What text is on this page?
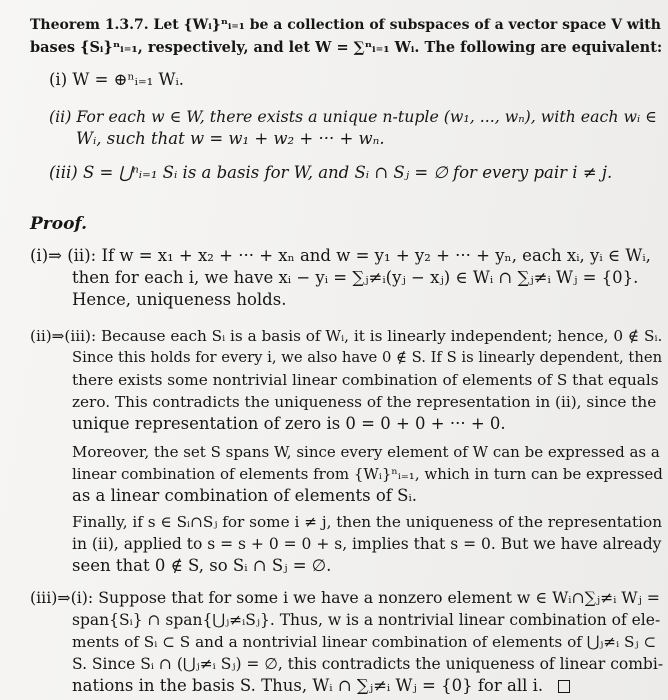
Theorem 1.3.7. Let {Wᵢ}ⁿᵢ₌₁ be a collection of subspaces of a vector space V with
bases {Sᵢ}ⁿᵢ₌₁, respectively, and let W = ∑ⁿᵢ₌₁ Wᵢ. The following are equivalent:
(i) W = ⊕ⁿᵢ₌₁ Wᵢ.
(ii) For each w ∈ W, there exists a unique n-tuple (w₁, ..., wₙ), with each wᵢ ∈
Wᵢ, such that w = w₁ + w₂ + ··· + wₙ.
(iii) S = ⋃ⁿᵢ₌₁ Sᵢ is a basis for W, and Sᵢ ∩ Sⱼ = ∅ for every pair i ≠ j.
Proof.
(i)⇒ (ii): If w = x₁ + x₂ + ··· + xₙ and w = y₁ + y₂ + ··· + yₙ, each xᵢ, yᵢ ∈ Wᵢ,
then for each i, we have xᵢ − yᵢ = ∑ⱼ≠ᵢ(yⱼ − xⱼ) ∈ Wᵢ ∩ ∑ⱼ≠ᵢ Wⱼ = {0}.
Hence, uniqueness holds.
(ii)⇒(iii): Because each Sᵢ is a basis of Wᵢ, it is linearly independent; hence, 0 ∉ Sᵢ.
Since this holds for every i, we also have 0 ∉ S. If S is linearly dependent, then
there exists some nontrivial linear combination of elements of S that equals
zero. This contradicts the uniqueness of the representation in (ii), since the
unique representation of zero is 0 = 0 + 0 + ··· + 0.
Moreover, the set S spans W, since every element of W can be expressed as a
linear combination of elements from {Wᵢ}ⁿᵢ₌₁, which in turn can be expressed
as a linear combination of elements of Sᵢ.
Finally, if s ∈ Sᵢ∩Sⱼ for some i ≠ j, then the uniqueness of the representation
in (ii), applied to s = s + 0 = 0 + s, implies that s = 0. But we have already
seen that 0 ∉ S, so Sᵢ ∩ Sⱼ = ∅.
(iii)⇒(i): Suppose that for some i we have a nonzero element w ∈ Wᵢ∩∑ⱼ≠ᵢ Wⱼ =
span{Sᵢ} ∩ span{⋃ⱼ≠ᵢSⱼ}. Thus, w is a nontrivial linear combination of ele-
ments of Sᵢ ⊂ S and a nontrivial linear combination of elements of ⋃ⱼ≠ᵢ Sⱼ ⊂
S. Since Sᵢ ∩ (⋃ⱼ≠ᵢ Sⱼ) = ∅, this contradicts the uniqueness of linear combi-
nations in the basis S. Thus, Wᵢ ∩ ∑ⱼ≠ᵢ Wⱼ = {0} for all i.
